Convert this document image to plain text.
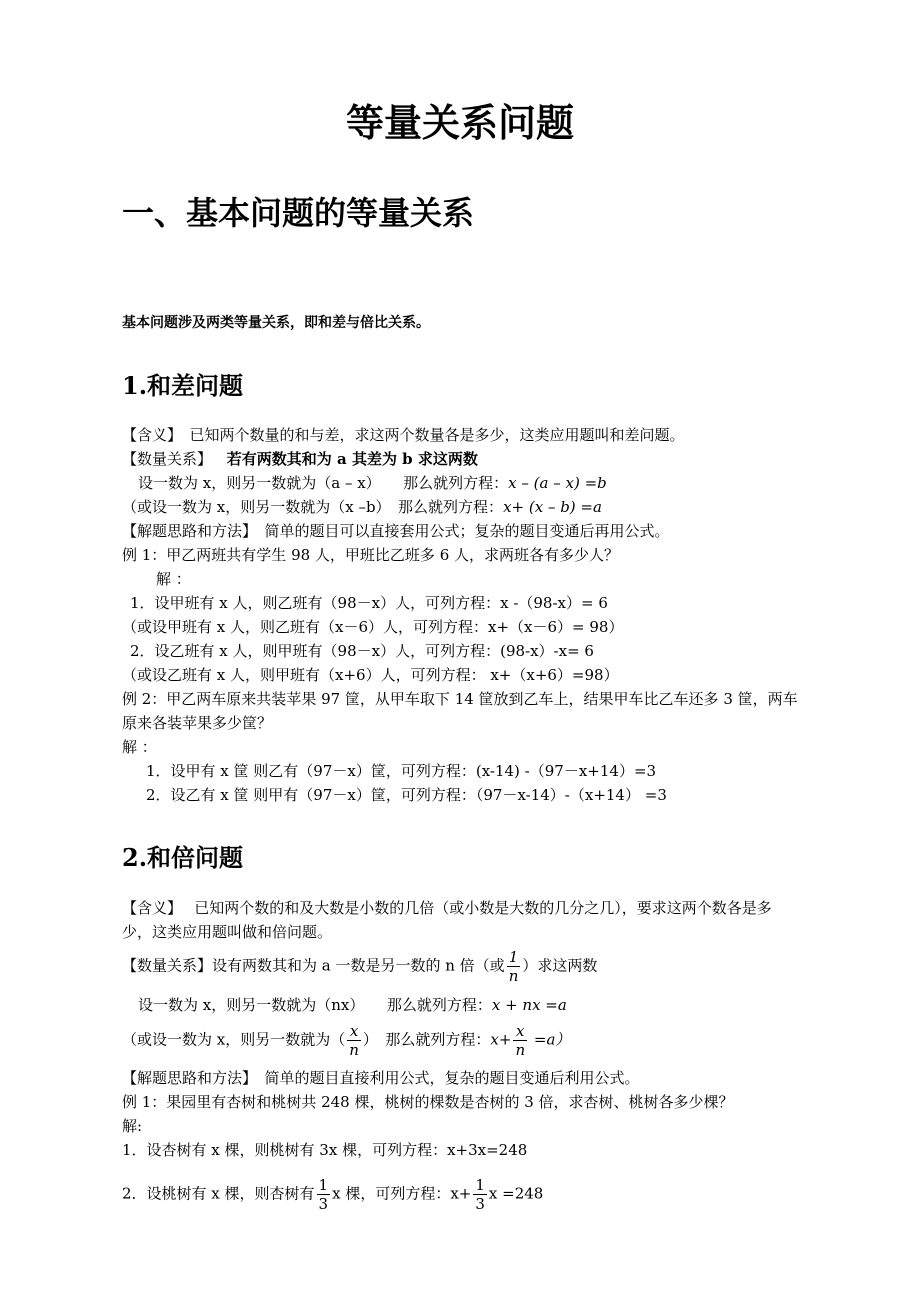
等量关系问题
一、基本问题的等量关系
基本问题涉及两类等量关系，即和差与倍比关系。
1.和差问题
【含义】　已知两个数量的和与差，求这两个数量各是多少，这类应用题叫和差问题。
【数量关系】 若有两数其和为 a 其差为 b 求这两数
设一数为 x，则另一数就为（a – x）　　那么就列方程：x – (a – x) =b
（或设一数为 x，则另一数就为（x –b）　那么就列方程：x+ (x – b) =a
【解题思路和方法】　简单的题目可以直接套用公式；复杂的题目变通后再用公式。
例 1：甲乙两班共有学生 98 人，甲班比乙班多 6 人，求两班各有多少人？
解 ：
1．设甲班有 x 人，则乙班有（98－x）人，可列方程：x -（98-x）= 6
（或设甲班有 x 人，则乙班有（x－6）人，可列方程：x+（x－6）= 98）
2．设乙班有 x 人，则甲班有（98－x）人，可列方程：(98-x）-x= 6
（或设乙班有 x 人，则甲班有（x+6）人，可列方程： x+（x+6）=98）
例 2：甲乙两车原来共装苹果 97 筐，从甲车取下 14 筐放到乙车上，结果甲车比乙车还多 3 筐，两车
原来各装苹果多少筐？
解 ：
1．设甲有 x 筐 则乙有（97－x）筐，可列方程：(x-14) -（97－x+14）=3
2．设乙有 x 筐 则甲有（97－x）筐，可列方程：（97－x-14）-（x+14） =3
2.和倍问题
【含义】　 已知两个数的和及大数是小数的几倍（或小数是大数的几分之几），要求这两个数各是多
少，这类应用题叫做和倍问题。
【数量关系】设有两数其和为 a 一数是另一数的 n 倍（或 $\frac{1}{n}$ ）求这两数
设一数为 x，则另一数就为（nx）　　那么就列方程：x + nx =a
（或设一数为 x，则另一数就为（ $\frac{x}{n}$ ）　那么就列方程：$x+ \frac{x}{n} =a$）
【解题思路和方法】　简单的题目直接利用公式，复杂的题目变通后利用公式。
例 1：果园里有杏树和桃树共 248 棵，桃树的棵数是杏树的 3 倍，求杏树、桃树各多少棵？
解:
1．设杏树有 x 棵，则桃树有 3x 棵，可列方程：x+3x=248
2．设桃树有 x 棵，则杏树有 $\frac{1}{3}$ x 棵，可列方程：$x+ \frac{1}{3}$ x =248
